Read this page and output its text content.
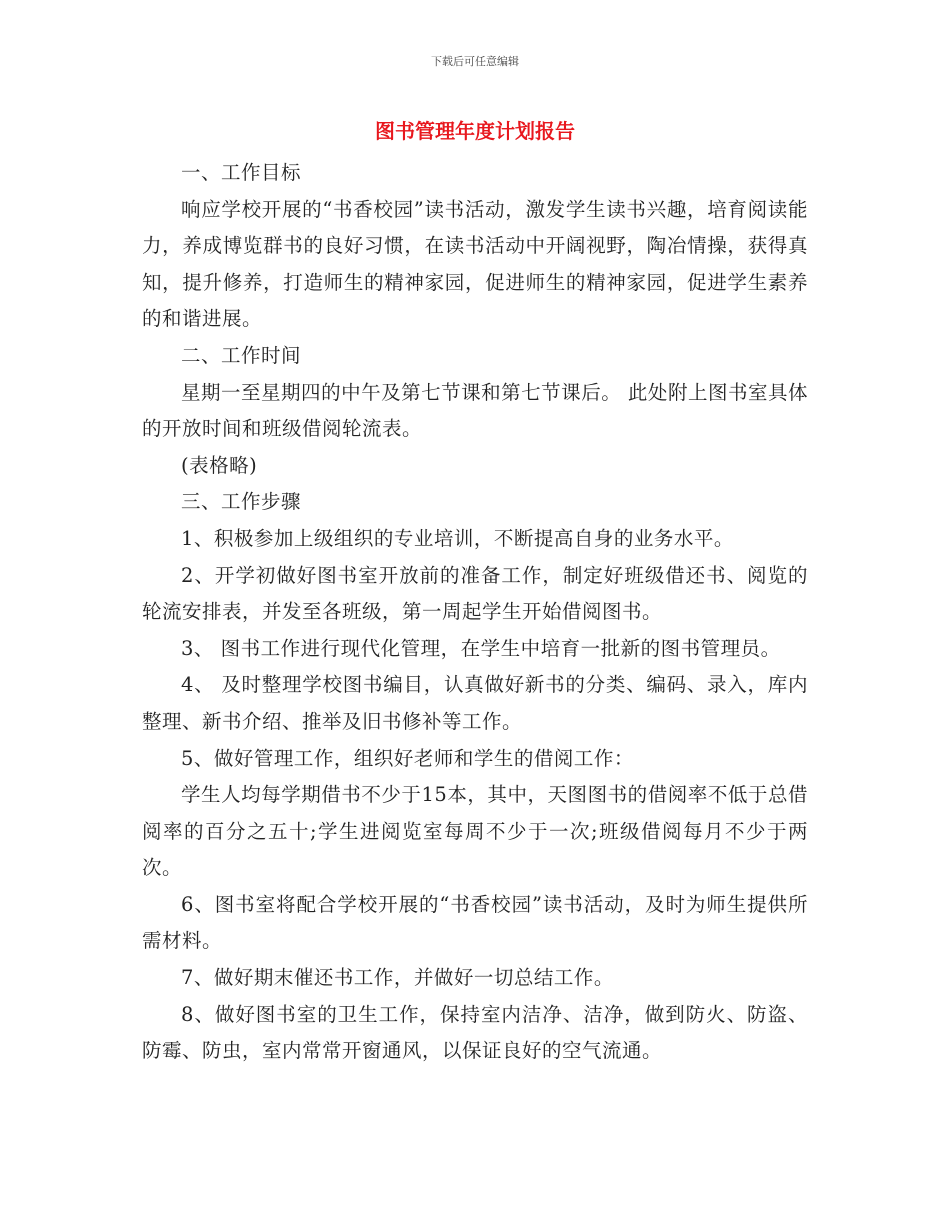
下载后可任意编辑
图书管理年度计划报告

一、工作目标

响应学校开展的“书香校园”读书活动，激发学生读书兴趣，培育阅读能力，养成博览群书的良好习惯，在读书活动中开阔视野，陶冶情操，获得真知，提升修养，打造师生的精神家园，促进师生的精神家园，促进学生素养的和谐进展。

二、工作时间

星期一至星期四的中午及第七节课和第七节课后。 此处附上图书室具体的开放时间和班级借阅轮流表。

(表格略)

三、工作步骤

1、积极参加上级组织的专业培训，不断提高自身的业务水平。

2、开学初做好图书室开放前的准备工作，制定好班级借还书、阅览的轮流安排表，并发至各班级，第一周起学生开始借阅图书。

3、 图书工作进行现代化管理，在学生中培育一批新的图书管理员。

4、 及时整理学校图书编目，认真做好新书的分类、编码、录入，库内整理、新书介绍、推举及旧书修补等工作。

5、做好管理工作，组织好老师和学生的借阅工作：

学生人均每学期借书不少于15本，其中，天图图书的借阅率不低于总借阅率的百分之五十;学生进阅览室每周不少于一次;班级借阅每月不少于两次。

6、图书室将配合学校开展的“书香校园”读书活动，及时为师生提供所需材料。

7、做好期末催还书工作，并做好一切总结工作。

8、做好图书室的卫生工作，保持室内洁净、洁净，做到防火、防盗、防霉、防虫，室内常常开窗通风，以保证良好的空气流通。
